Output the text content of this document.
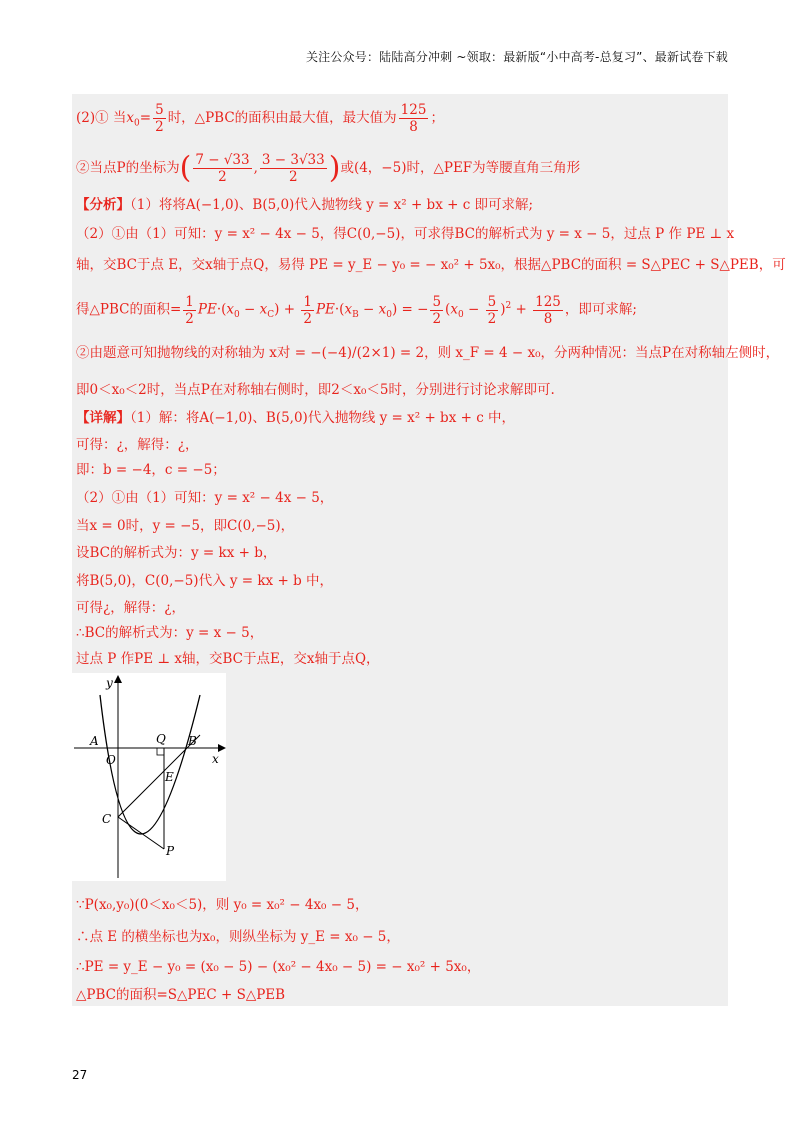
关注公众号：陆陆高分冲刺 ~领取：最新版“小中高考-总复习”、最新试卷下载
(2)① 当$x_0= \frac{5}{2}$ 时，△PBC的面积由最大值，最大值为 $\frac{125}{8}$ ；
②当点P的坐标为( $\frac{7 - √33}{2}$ , $\frac{3 - 3√33}{2}$ )或(4，−5)时，△PEF为等腰直角三角形
【分析】（1）将将A(−1,0)、B(5,0)代入抛物线 y = x² + bx + c 即可求解;
（2）①由（1）可知：y = x² − 4x − 5，得C(0,−5)，可求得BC的解析式为 y = x − 5，过点 P 作 PE ⊥ x
轴，交BC于点 E，交x轴于点Q，易得 PE = y_E − y₀ = − x₀² + 5x₀，根据△PBC的面积 = S△PEC + S△PEB，可
得△PBC的面积= $\frac{1}{2} PE\cdot(x_0 - x_C) + \frac{1}{2} PE\cdot(x_B - x_0)$ = − $\frac{5}{2} (x_0 - \frac{5}{2} )^2 + \frac{125}{8}$ ，即可求解;
②由题意可知抛物线的对称轴为 x对 = −(−4)/(2×1) = 2，则 x_F = 4 − x₀，分两种情况：当点P在对称轴左侧时，
即0＜x₀＜2时，当点P在对称轴右侧时，即2＜x₀＜5时，分别进行讨论求解即可.
【详解】（1）解：将A(−1,0)、B(5,0)代入抛物线 y = x² + bx + c 中，
可得：¿，解得：¿，
即：b = −4，c = −5；
（2）①由（1）可知：y = x² − 4x − 5，
当x = 0时，y = −5，即C(0,−5)，
设BC的解析式为：y = kx + b，
将B(5,0)，C(0,−5)代入 y = kx + b 中，
可得¿，解得：¿，
∴BC的解析式为：y = x − 5，
过点 P 作PE ⊥ x轴，交BC于点E，交x轴于点Q，
y
x
A
O
Q B
E
C
P
∵P(x₀,y₀)(0＜x₀＜5)，则 y₀ = x₀² − 4x₀ − 5，
∴点 E 的横坐标也为x₀，则纵坐标为 y_E = x₀ − 5，
∴PE = y_E − y₀ = (x₀ − 5) − (x₀² − 4x₀ − 5) = − x₀² + 5x₀，
△PBC的面积=S△PEC + S△PEB
27
